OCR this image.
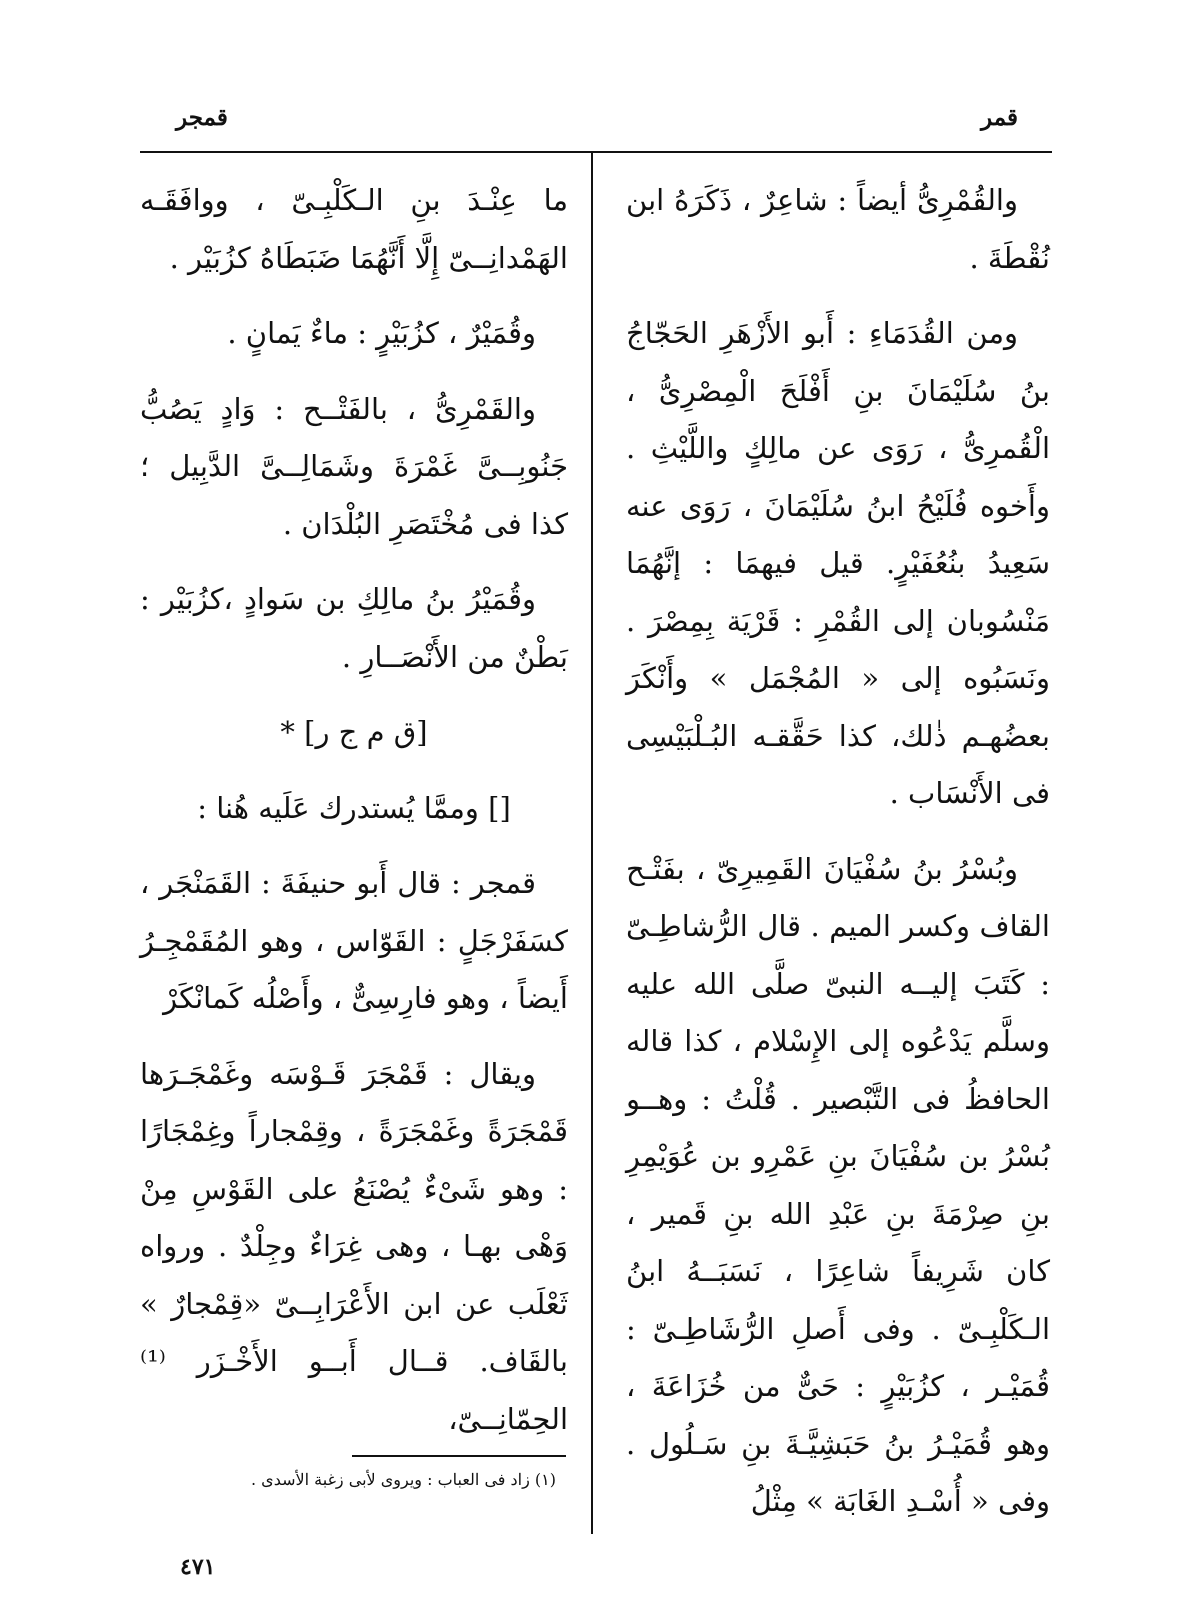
قمر
قمجر

والقُمْرِىُّ أيضاً : شاعِرٌ ، ذَكَرَهُ ابن نُقْطَةَ .

ومن القُدَمَاءِ : أَبو الأَزْهَرِ الحَجّاجُ بنُ سُلَيْمَانَ بنِ أَفْلَحَ الْمِصْرِىُّ ، الْقُمرِىُّ ، رَوَى عن مالِكٍ واللَّيْثِ . وأَخوه فُلَيْحُ ابنُ سُلَيْمَانَ ، رَوَى عنه سَعِيدُ بنُعُفَيْرٍ. قيل فيهمَا : إنَّهُمَا مَنْسُوبان إلى القُمْرِ : قَرْيَة بِمِصْرَ . ونَسَبُوه إلى « المُجْمَل » وأَنْكَرَ بعضُهـم ذٰلك، كذا حَقَّقـه البُـلْبَيْسِى فى الأَنْسَاب .

وبُسْرُ بنُ سُفْيَانَ القَمِيرِىّ ، بفَتْـح القاف وكسر الميم . قال الرُّشاطِـىّ : كَتَبَ إليــه النبىّ صلَّى الله عليه وسلَّم يَدْعُوه إلى الإِسْلام ، كذا قاله الحافظُ فى التَّبْصير . قُلْتُ : وهــو بُسْرُ بن سُفْيَانَ بنِ عَمْرِو بن عُوَيْمِرِ بنِ صِرْمَةَ بنِ عَبْدِ الله بنِ قَمير ، كان شَرِيفاً شاعِرًا ، نَسَبَــهُ ابنُ الـكَلْبِـىّ . وفى أَصلِ الرُّشَاطِـىّ : قُمَيْـر ، كزُبَيْرٍ : حَىٌّ من خُزَاعَةَ ، وهو قُمَيْـرُ بنُ حَبَشِيَّـةَ بنِ سَـلُول . وفى « أُسْـدِ الغَابَة » مِثْلُ

ما عِنْـدَ بنِ الـكَلْبِـىّ ، ووافَقَـه الهَمْدانِــىّ إِلَّا أَنَّهُمَا ضَبَطَاهُ كزُبَيْر .

وقُمَيْرٌ ، كزُبَيْرٍ : ماءٌ يَمانٍ .

والقَمْرِىُّ ، بالفَتْــح : وَادٍ يَصُبُّ جَنُوبِــىَّ غَمْرَةَ وشَمَالِــىَّ الدَّبِيل ؛ كذا فى مُخْتَصَرِ البُلْدَان .

وقُمَيْرُ بنُ مالِكِ بن سَوادٍ ،كزُبَيْر : بَطْنٌ من الأَنْصَــارِ .

[ق م ج ر] *

[] وممَّا يُستدرك عَلَيه هُنا :

قمجر : قال أَبو حنيفَةَ : القَمَنْجَر ، كسَفَرْجَلٍ : القَوّاس ، وهو المُقَمْجِـرُ أَيضاً ، وهو فارِسِىٌّ ، وأَصْلُه كَمانْكَرْ

ويقال : قَمْجَرَ قَـوْسَه وغَمْجَـرَها قَمْجَرَةً وغَمْجَرَةً ، وقِمْجاراً وغِمْجَارًا : وهو شَىْءٌ يُصْنَعُ على القَوْسِ مِنْ وَهْى بهـا ، وهى غِرَاءٌ وجِلْدٌ . ورواه ثَعْلَب عن ابن الأَعْرَابِــىّ «قِمْجارٌ » بالقَاف. قــال أَبــو الأَخْـزَر ⁽¹⁾ الحِمّانِــىّ،

(١) زاد فى العباب : ويروى لأبى زغبة الأسدى .
٤٧١
